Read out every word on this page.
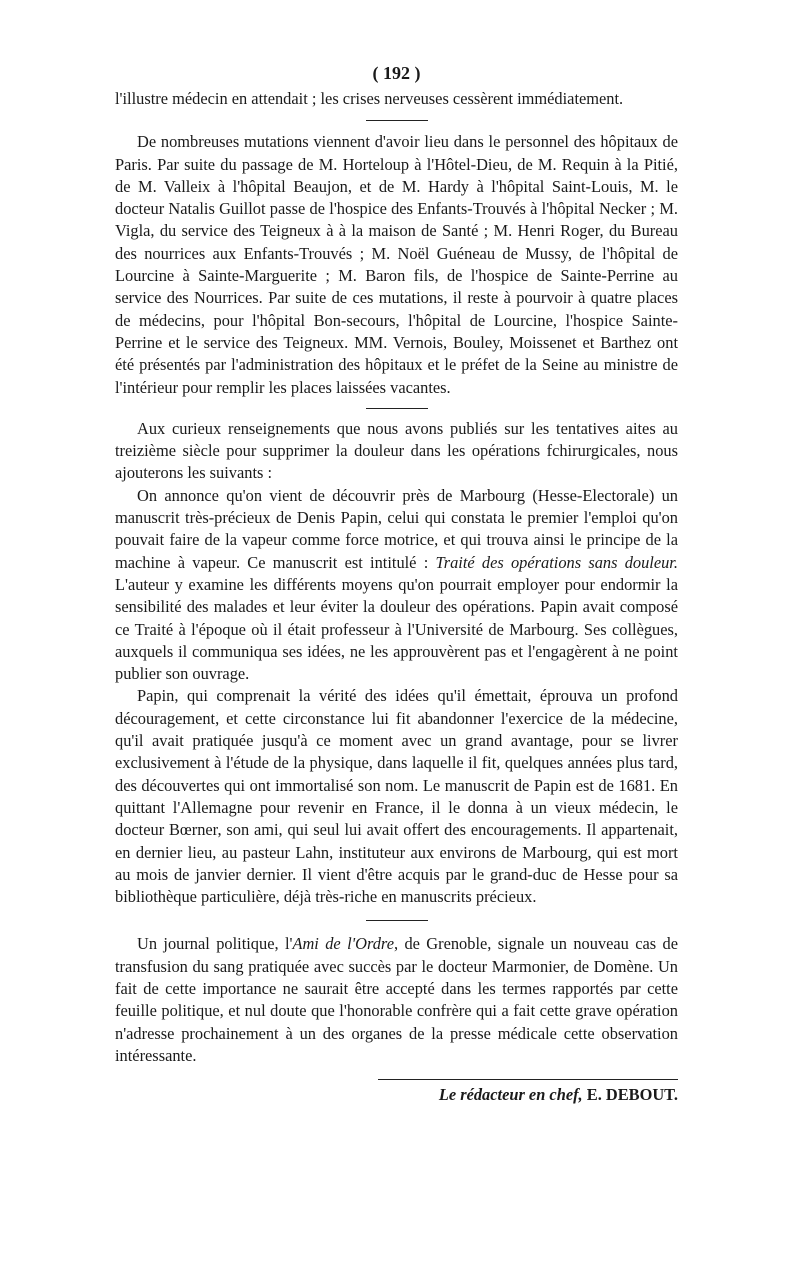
( 192 )

l'illustre médecin en attendait ; les crises nerveuses cessèrent immédiatement.

De nombreuses mutations viennent d'avoir lieu dans le personnel des hôpitaux de Paris. Par suite du passage de M. Horteloup à l'Hôtel-Dieu, de M. Requin à la Pitié, de M. Valleix à l'hôpital Beaujon, et de M. Hardy à l'hôpital Saint-Louis, M. le docteur Natalis Guillot passe de l'hospice des Enfants-Trouvés à l'hôpital Necker ; M. Vigla, du service des Teigneux à à la maison de Santé ; M. Henri Roger, du Bureau des nourrices aux Enfants-Trouvés ; M. Noël Guéneau de Mussy, de l'hôpital de Lourcine à Sainte-Marguerite ; M. Baron fils, de l'hospice de Sainte-Perrine au service des Nourrices. Par suite de ces mutations, il reste à pourvoir à quatre places de médecins, pour l'hôpital Bon-secours, l'hôpital de Lourcine, l'hospice Sainte-Perrine et le service des Teigneux. MM. Vernois, Bouley, Moissenet et Barthez ont été présentés par l'administration des hôpitaux et le préfet de la Seine au ministre de l'intérieur pour remplir les places laissées vacantes.

Aux curieux renseignements que nous avons publiés sur les tentatives aites au treizième siècle pour supprimer la douleur dans les opérations fchirurgicales, nous ajouterons les suivants :

On annonce qu'on vient de découvrir près de Marbourg (Hesse-Electorale) un manuscrit très-précieux de Denis Papin, celui qui constata le premier l'emploi qu'on pouvait faire de la vapeur comme force motrice, et qui trouva ainsi le principe de la machine à vapeur. Ce manuscrit est intitulé : Traité des opérations sans douleur. L'auteur y examine les différents moyens qu'on pourrait employer pour endormir la sensibilité des malades et leur éviter la douleur des opérations. Papin avait composé ce Traité à l'époque où il était professeur à l'Université de Marbourg. Ses collègues, auxquels il communiqua ses idées, ne les approuvèrent pas et l'engagèrent à ne point publier son ouvrage.

Papin, qui comprenait la vérité des idées qu'il émettait, éprouva un profond découragement, et cette circonstance lui fit abandonner l'exercice de la médecine, qu'il avait pratiquée jusqu'à ce moment avec un grand avantage, pour se livrer exclusivement à l'étude de la physique, dans laquelle il fit, quelques années plus tard, des découvertes qui ont immortalisé son nom. Le manuscrit de Papin est de 1681. En quittant l'Allemagne pour revenir en France, il le donna à un vieux médecin, le docteur Bœrner, son ami, qui seul lui avait offert des encouragements. Il appartenait, en dernier lieu, au pasteur Lahn, instituteur aux environs de Marbourg, qui est mort au mois de janvier dernier. Il vient d'être acquis par le grand-duc de Hesse pour sa bibliothèque particulière, déjà très-riche en manuscrits précieux.

Un journal politique, l'Ami de l'Ordre, de Grenoble, signale un nouveau cas de transfusion du sang pratiquée avec succès par le docteur Marmonier, de Domène. Un fait de cette importance ne saurait être accepté dans les termes rapportés par cette feuille politique, et nul doute que l'honorable confrère qui a fait cette grave opération n'adresse prochainement à un des organes de la presse médicale cette observation intéressante.

Le rédacteur en chef, E. DEBOUT.
